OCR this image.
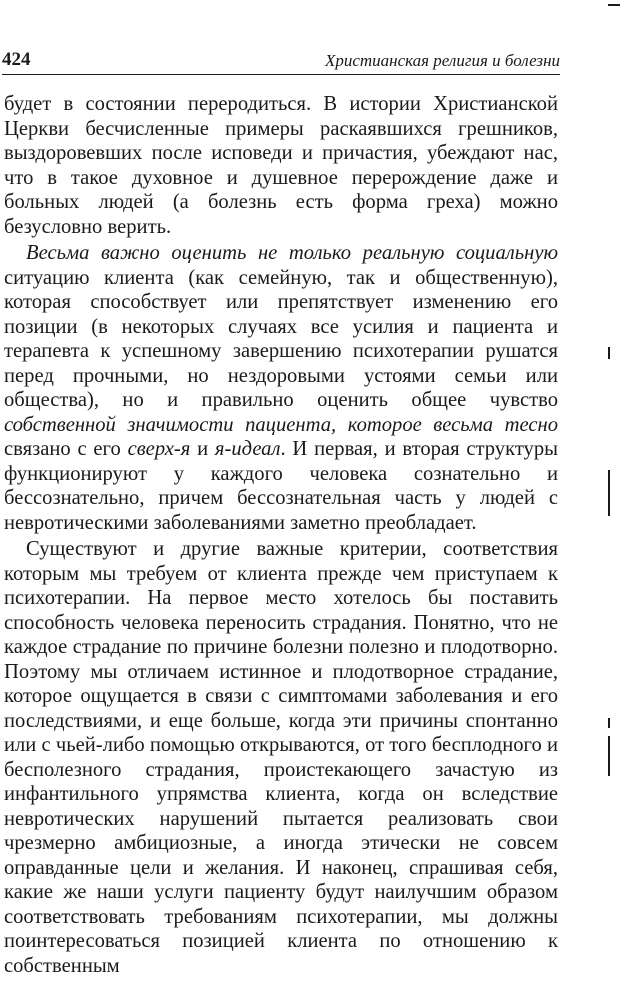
424	Христианская религия и болезни

будет в состоянии переродиться. В истории Христианской Церкви бесчисленные примеры раскаявшихся грешников, выздоровевших после исповеди и причастия, убеждают нас, что в такое духовное и душевное перерождение даже и больных людей (а болезнь есть форма греха) можно безусловно верить.

Весьма важно оценить не только реальную социальную ситуацию клиента (как семейную, так и общественную), которая способствует или препятствует изменению его позиции (в некоторых случаях все усилия и пациента и терапевта к успешному завершению психотерапии рушатся перед прочными, но нездоровыми устоями семьи или общества), но и правильно оценить общее чувство собственной значимости пациента, которое весьма тесно связано с его сверх-я и я-идеал. И первая, и вторая структуры функционируют у каждого человека сознательно и бессознательно, причем бессознательная часть у людей с невротическими заболеваниями заметно преобладает.

Существуют и другие важные критерии, соответствия которым мы требуем от клиента прежде чем приступаем к психотерапии. На первое место хотелось бы поставить способность человека переносить страдания. Понятно, что не каждое страдание по причине болезни полезно и плодотворно. Поэтому мы отличаем истинное и плодотворное страдание, которое ощущается в связи с симптомами заболевания и его последствиями, и еще больше, когда эти причины спонтанно или с чьей-либо помощью открываются, от того бесплодного и бесполезного страдания, проистекающего зачастую из инфантильного упрямства клиента, когда он вследствие невротических нарушений пытается реализовать свои чрезмерно амбициозные, а иногда этически не совсем оправданные цели и желания. И наконец, спрашивая себя, какие же наши услуги пациенту будут наилучшим образом соответствовать требованиям психотерапии, мы должны поинтересоваться позицией клиента по отношению к собственным
